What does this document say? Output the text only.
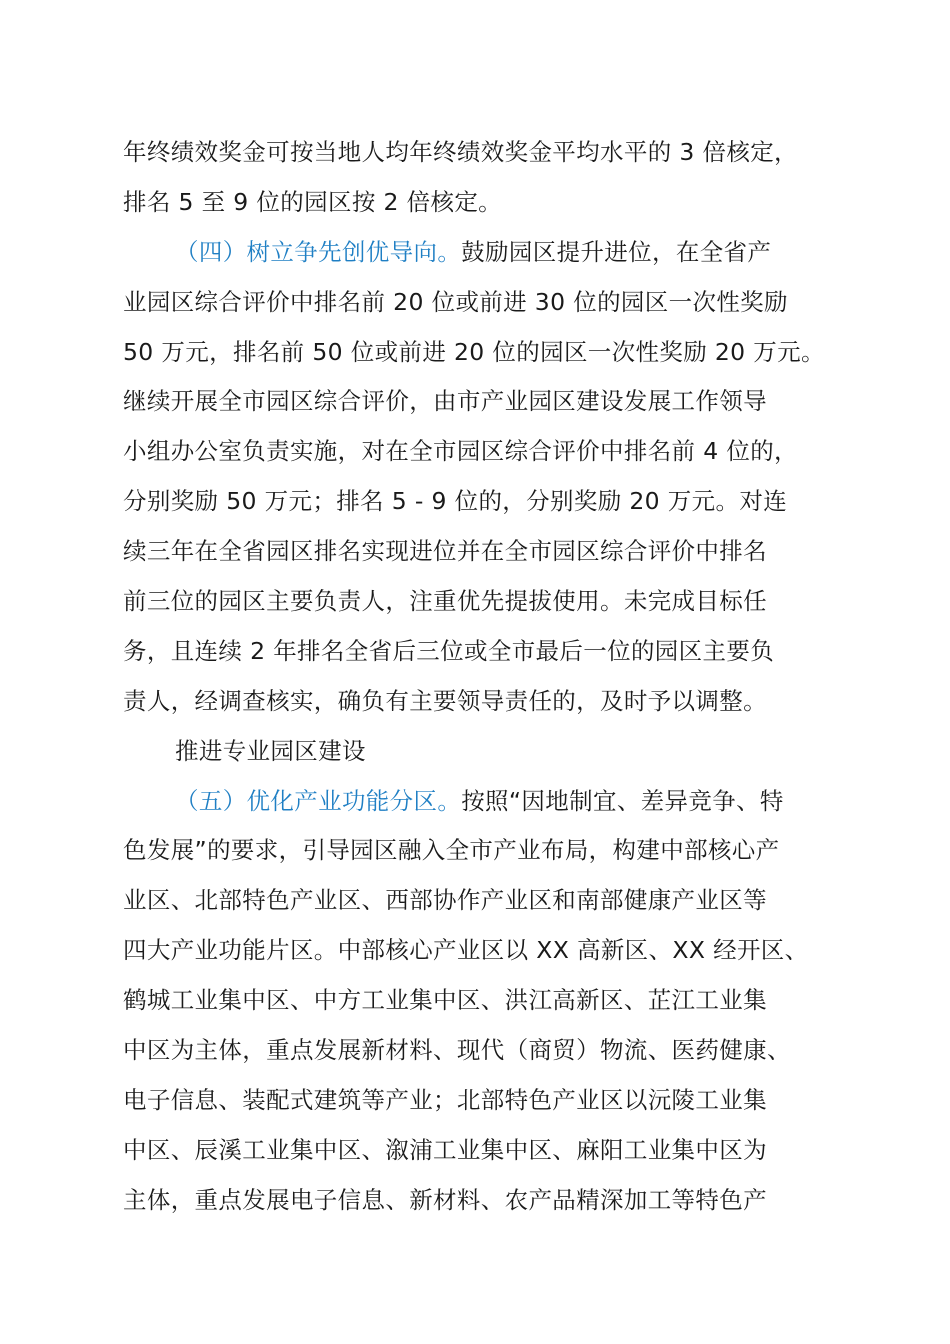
年终绩效奖金可按当地人均年终绩效奖金平均水平的 3 倍核定，
排名 5 至 9 位的园区按 2 倍核定。
（四）树立争先创优导向。鼓励园区提升进位，在全省产
业园区综合评价中排名前 20 位或前进 30 位的园区一次性奖励
50 万元，排名前 50 位或前进 20 位的园区一次性奖励 20 万元。
继续开展全市园区综合评价，由市产业园区建设发展工作领导
小组办公室负责实施，对在全市园区综合评价中排名前 4 位的，
分别奖励 50 万元；排名 5 - 9 位的，分别奖励 20 万元。对连
续三年在全省园区排名实现进位并在全市园区综合评价中排名
前三位的园区主要负责人，注重优先提拔使用。未完成目标任
务，且连续 2 年排名全省后三位或全市最后一位的园区主要负
责人，经调查核实，确负有主要领导责任的，及时予以调整。
推进专业园区建设
（五）优化产业功能分区。按照“因地制宜、差异竞争、特
色发展”的要求，引导园区融入全市产业布局，构建中部核心产
业区、北部特色产业区、西部协作产业区和南部健康产业区等
四大产业功能片区。中部核心产业区以 XX 高新区、XX 经开区、
鹤城工业集中区、中方工业集中区、洪江高新区、芷江工业集
中区为主体，重点发展新材料、现代（商贸）物流、医药健康、
电子信息、装配式建筑等产业；北部特色产业区以沅陵工业集
中区、辰溪工业集中区、溆浦工业集中区、麻阳工业集中区为
主体，重点发展电子信息、新材料、农产品精深加工等特色产
